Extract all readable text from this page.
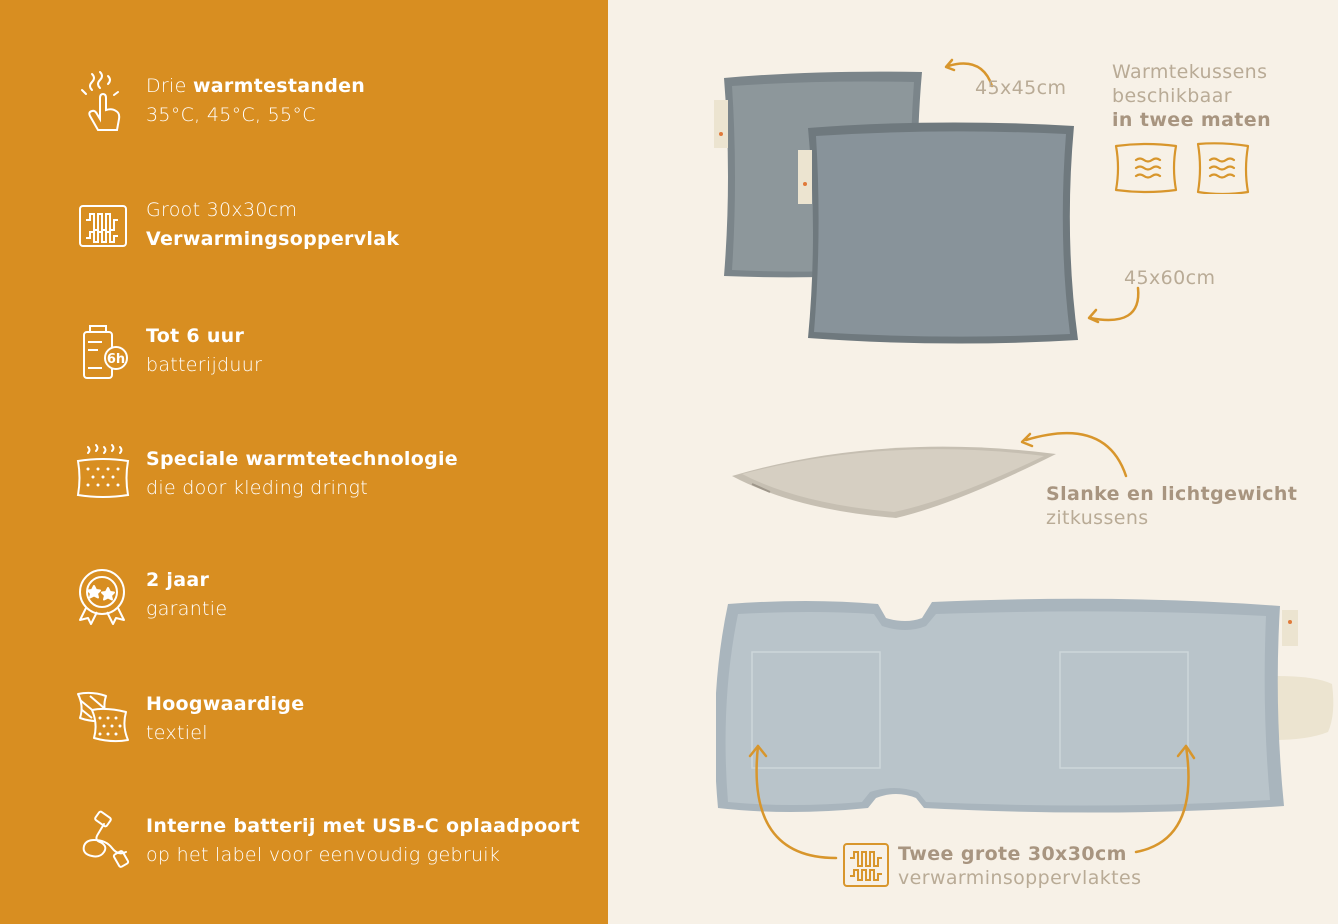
Drie warmtestanden
35°C, 45°C, 55°C
Groot 30x30cm
Verwarmingsoppervlak
6h
Tot 6 uur
batterijduur
Speciale warmtetechnologie
die door kleding dringt
2 jaar
garantie
Hoogwaardige
textiel
Interne batterij met USB-C oplaadpoort
op het label voor eenvoudig gebruik
45x45cm
45x60cm
Warmtekussens
beschikbaar
in twee maten
Slanke en lichtgewicht
zitkussens
Twee grote 30x30cm
verwarminsoppervlaktes
